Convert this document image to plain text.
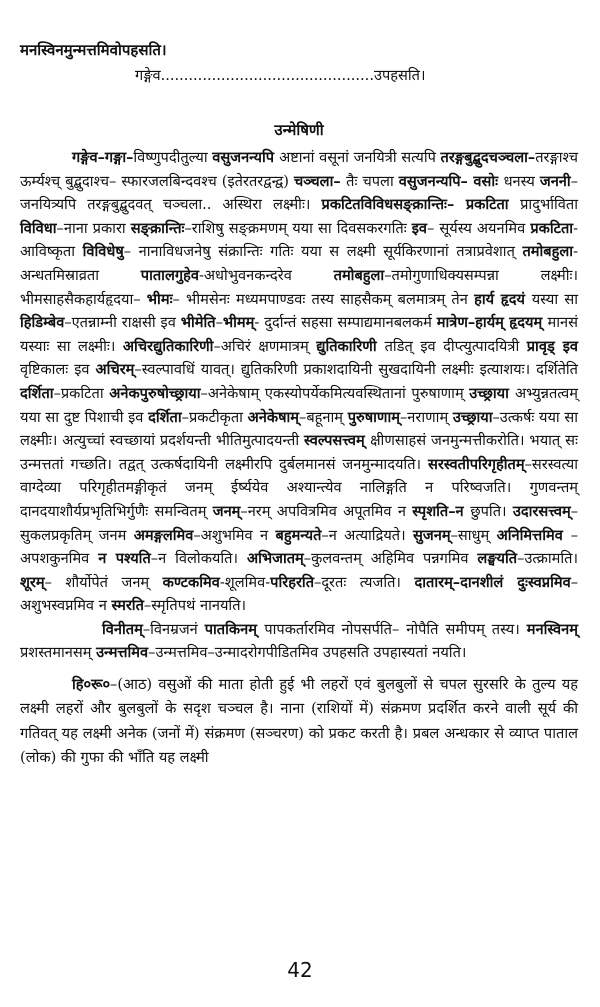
मनस्विनमुन्मत्तमिवोपहसति।

गङ्गेव..............................................उपहसति।

उन्मेषिणी

गङ्गेव–गङ्गा–विष्णुपदीतुल्या वसुजनन्यपि अष्टानां वसूनां जनयित्री सत्यपि तरङ्गबुद्बुदचञ्चला–तरङ्गाश्च ऊर्म्यश्च् बुद्बुदाश्च– स्फारजलबिन्दवश्च (इतेरतरद्वन्द्व) चञ्चला– तैः चपला वसुजनन्यपि– वसोः धनस्य जननी–जनयित्र्यपि तरङ्गबुद्बुदवत् चञ्चला.. अस्थिरा लक्ष्मीः। प्रकटितविविधसङ्क्रान्तिः– प्रकटिता प्रादुर्भाविता विविधा–नाना प्रकारा सङ्क्रान्तिः–राशिषु सङ्क्रमणम् यया सा दिवसकरगतिः इव– सूर्यस्य अयनमिव प्रकटिता- आविष्कृता विविधेषु– नानाविधजनेषु संक्रान्तिः गतिः यया स लक्ष्मी सूर्यकिरणानां तत्राप्रवेशात् तमोबहुला-अन्धतमिस्राव्रता पातालगुहेव-अधोभुवनकन्दरेव तमोबहुला–तमोगुणाधिक्यसम्पन्ना लक्ष्मीः। भीमसाहसैकहार्यहृदया– भीमः– भीमसेनः मध्यमपाण्डवः तस्य साहसैकम् बलमात्रम् तेन हार्य हृदयं यस्या सा हिडिम्बेव–एतन्नाम्नी राक्षसी इव भीमेति–भीमम्- दुर्दान्तं सहसा सम्पाद्यमानबलकर्म मात्रेण–हार्यम् हृदयम् मानसं यस्याः सा लक्ष्मीः। अचिरद्युतिकारिणी–अचिरं क्षणमात्रम् द्युतिकारिणी तडित् इव दीप्त्युत्पादयित्री प्रावृड् इव वृष्टिकालः इव अचिरम्–स्वल्पावधिं यावत्। द्युतिकरिणी प्रकाशदायिनी सुखदायिनी लक्ष्मीः इत्याशयः। दर्शितेति दर्शिता–प्रकटिता अनेकपुरुषोच्छ्राया–अनेकेषाम् एकस्योपर्येकमित्यवस्थितानां पुरुषाणाम् उच्छ्राया अभ्युन्नतत्वम् यया सा दुष्ट पिशाची इव दर्शिता–प्रकटीकृता अनेकेषाम्–बहूनाम् पुरुषाणाम्–नराणाम् उच्छ्राया–उत्कर्षः यया सा लक्ष्मीः। अत्युच्चां स्वच्छायां प्रदर्शयन्ती भीतिमुत्पादयन्ती स्वल्पसत्त्वम् क्षीणसाहसं जनमुन्मत्तीकरोति। भयात् सः उन्मत्ततां गच्छति। तद्वत् उत्कर्षदायिनी लक्ष्मीरपि दुर्बलमानसं जनमुन्मादयति। सरस्वतीपरिगृहीतम्–सरस्वत्या वाग्देव्या परिगृहीतमङ्गीकृतं जनम् ईर्ष्ययेव अश्यान्त्येव नालिङ्गति न परिष्वजति। गुणवन्तम् दानदयाशौर्यप्रभृतिभिर्गुणैः समन्वितम् जनम्–नरम् अपवित्रमिव अपूतमिव न स्पृशति–न छुपति। उदारसत्त्वम्–सुकलप्रकृतिम् जनम अमङ्गलमिव–अशुभमिव न बहुमन्यते–न अत्याद्रियते। सुजनम्–साधुम् अनिमित्तमिव –अपशकुनमिव न पश्यति–न विलोकयति। अभिजातम्–कुलवन्तम् अहिमिव पन्नगमिव लङ्घयति–उत्क्रामति। शूरम्– शौर्योपेतं जनम् कण्टकमिव-शूलमिव-परिहरति–दूरतः त्यजति। दातारम्–दानशीलं दुःस्वप्नमिव–अशुभस्वप्नमिव न स्मरति–स्मृतिपथं नानयति।

विनीतम्–विनम्रजनं पातकिनम् पापकर्तारमिव नोपसर्पति– नोपैति समीपम् तस्य। मनस्विनम् प्रशस्तमानसम् उन्मत्तमिव–उन्मत्तमिव–उन्मादरोगपीडितमिव उपहसति उपहास्यतां नयति।

हि०रू०–(आठ) वसुओं की माता होती हुई भी लहरों एवं बुलबुलों से चपल सुरसरि के तुल्य यह लक्ष्मी लहरों और बुलबुलों के सदृश चञ्चल है। नाना (राशियों में) संक्रमण प्रदर्शित करने वाली सूर्य की गतिवत् यह लक्ष्मी अनेक (जनों में) संक्रमण (सञ्चरण) को प्रकट करती है। प्रबल अन्धकार से व्याप्त पाताल (लोक) की गुफा की भाँति यह लक्ष्मी

42
